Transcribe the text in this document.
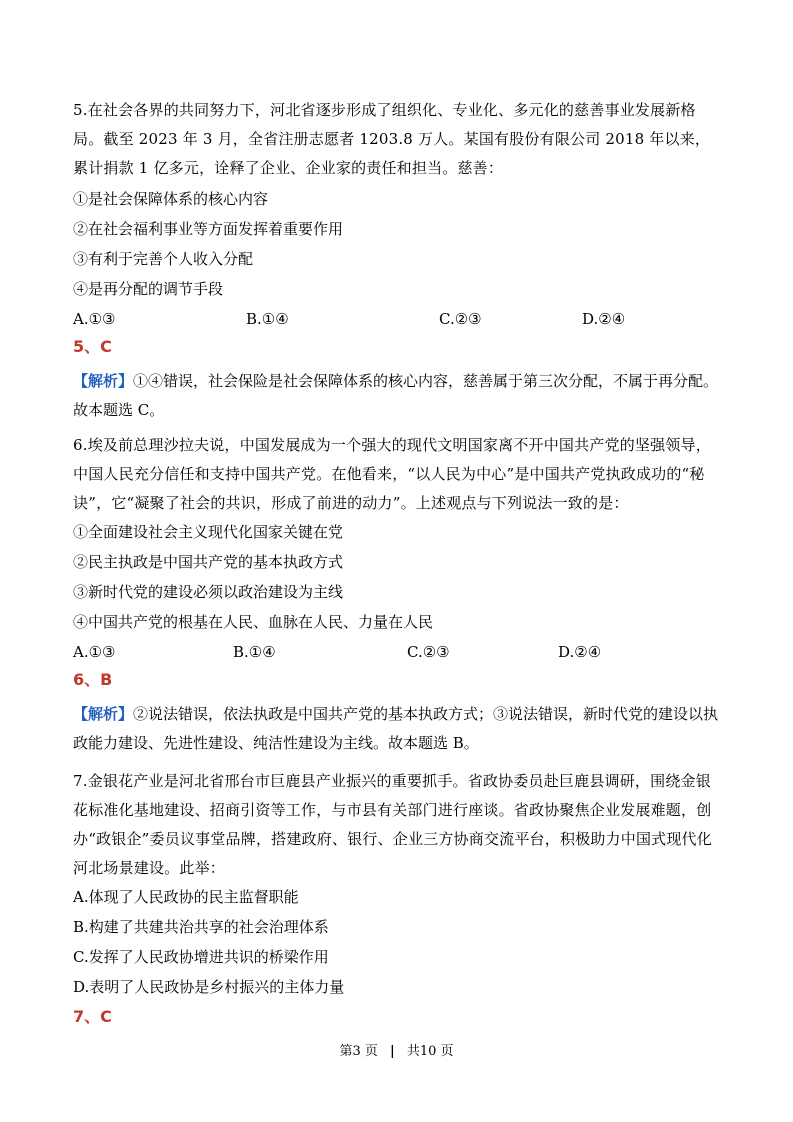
5.在社会各界的共同努力下，河北省逐步形成了组织化、专业化、多元化的慈善事业发展新格局。截至 2023 年 3 月，全省注册志愿者 1203.8 万人。某国有股份有限公司 2018 年以来，累计捐款 1 亿多元，诠释了企业、企业家的责任和担当。慈善：

①是社会保障体系的核心内容
②在社会福利事业等方面发挥着重要作用
③有利于完善个人收入分配
④是再分配的调节手段
A.①③	B.①④	C.②③	D.②④
5、C

【解析】①④错误，社会保险是社会保障体系的核心内容，慈善属于第三次分配，不属于再分配。故本题选 C。

6.埃及前总理沙拉夫说，中国发展成为一个强大的现代文明国家离不开中国共产党的坚强领导，中国人民充分信任和支持中国共产党。在他看来，“以人民为中心”是中国共产党执政成功的“秘诀”，它“凝聚了社会的共识，形成了前进的动力”。上述观点与下列说法一致的是：

①全面建设社会主义现代化国家关键在党
②民主执政是中国共产党的基本执政方式
③新时代党的建设必须以政治建设为主线
④中国共产党的根基在人民、血脉在人民、力量在人民
A.①③	B.①④	C.②③	D.②④
6、B

【解析】②说法错误，依法执政是中国共产党的基本执政方式；③说法错误，新时代党的建设以执政能力建设、先进性建设、纯洁性建设为主线。故本题选 B。

7.金银花产业是河北省邢台市巨鹿县产业振兴的重要抓手。省政协委员赴巨鹿县调研，围绕金银花标准化基地建设、招商引资等工作，与市县有关部门进行座谈。省政协聚焦企业发展难题，创办“政银企”委员议事堂品牌，搭建政府、银行、企业三方协商交流平台，积极助力中国式现代化河北场景建设。此举：

A.体现了人民政协的民主监督职能
B.构建了共建共治共享的社会治理体系
C.发挥了人民政协增进共识的桥梁作用
D.表明了人民政协是乡村振兴的主体力量
7、C
第3 页 | 共10 页
